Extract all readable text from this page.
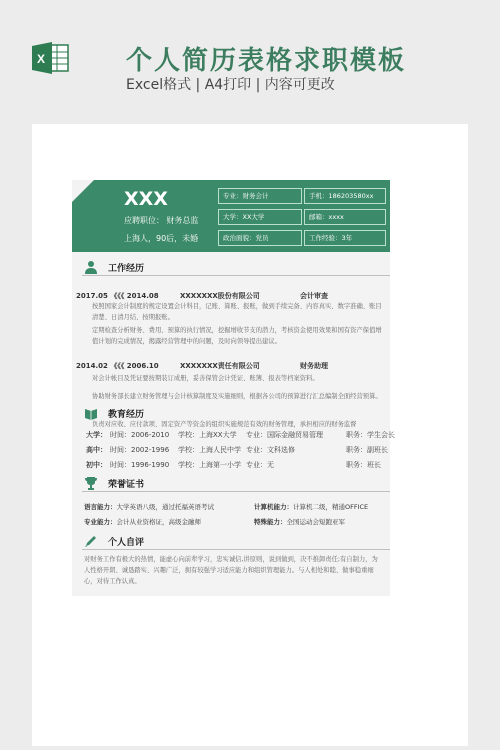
X	个人简历表格求职模板
Excel格式 | A4打印 | 内容可更改
XXX
应聘职位： 财务总监
上海人，90后，未婚
专业：财务会计	手机：186203580xx
大学：XX大学	邮箱：xxxx
政治面貌：党员	工作经验：3年
工作经历
2017.05 《《《 2014.08	XXXXXXX股份有限公司	会计审查
按照国家会计制度的规定设置会计科目，记账、算账、报账，做到手续完备、内容真实、数字准确、账目清楚、日清月结、按期报账。
定期检查分析财务、费用、预算的执行情况，挖掘增收节支的潜力，考核资金使用效果和国有资产保值增值计划的完成情况，揭露经营管理中的问题，及时向领导提出建议。
2014.02 《《《 2006.10	XXXXXXX责任有限公司	财务助理
对会计帐目及凭证要按期装订成册，妥善保管会计凭证、账簿、报表等档案资料。
协助财务部长建立财务管理与会计核算制度及实施细则，根据各公司的预算进行汇总编制全面经营预算。
负责对应收、应付款项、固定资产等资金的组织实施规范有效的财务管理，承担相应的财务监督
教育经历
大学： 时间：2006-2010 学校：上海XX大学 专业：国际金融贸易管理	职务：学生会长
高中： 时间：2002-1996 学校：上海人民中学 专业：文科选修	职务：副班长
初中： 时间：1996-1990 学校：上海第一小学 专业：无	职务：班长
荣誉证书
语言能力：大学英语八级，通过托福英语考试	计算机能力：计算机二级，精通OFFICE
专业能力：会计从业资格证，高级金融师	特殊能力：全国运动会短跑亚军
个人自评
对财务工作有极大的热情，能虚心向前辈学习，忠实诚信,讲原则，说到做到，决不推卸责任;有自制力，为人性格开朗、诚恳踏实、兴趣广泛，拥有较强学习适应能力和组织管理能力。与人相处和睦、做事稳重细心，对待工作认真。
